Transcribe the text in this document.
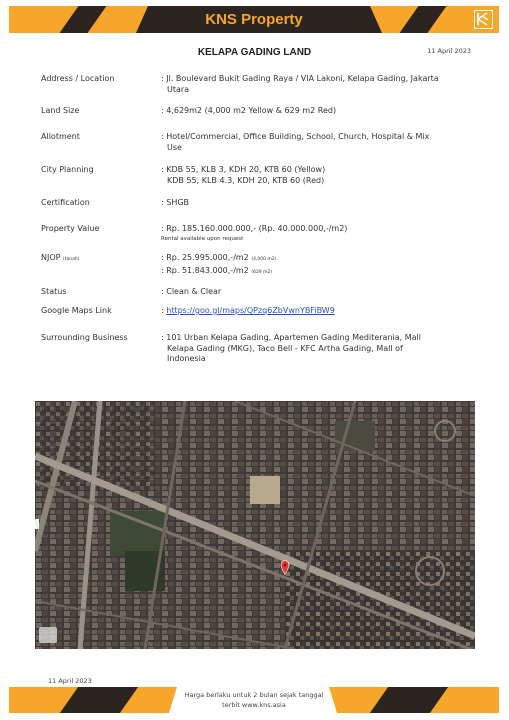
KNS Property
KELAPA GADING LAND	11 April 2023
Address / Location	: Jl. Boulevard Bukit Gading Raya / VIA Lakoni, Kelapa Gading, Jakarta
Utara
Land Size	: 4,629m2 (4,000 m2 Yellow & 629 m2 Red)
Allotment	: Hotel/Commercial, Office Building, School, Church, Hospital & Mix
Use
City Planning	: KDB 55, KLB 3, KDH 20, KTB 60 (Yellow)
KDB 55, KLB 4.3, KDH 20, KTB 60 (Red)
Certification	: SHGB
Property Value	: Rp. 185.160.000.000,- (Rp. 40.000.000,-/m2)
Rental available upon request
NJOP (tanah)	: Rp. 25.995.000,-/m2 (4,000 m2)
: Rp. 51.843.000,-/m2 (629 m2)
Status	: Clean & Clear
Google Maps Link	: https://goo.gl/maps/QPzq6ZbVwnYBFiBW9
Surrounding Business	: 101 Urban Kelapa Gading, Apartemen Gading Mediterania, Mall
Kelapa Gading (MKG), Taco Bell - KFC Artha Gading, Mall of
Indonesia
11 April 2023
Harga berlaku untuk 2 bulan sejak tanggal
terbit www.kns.asia
